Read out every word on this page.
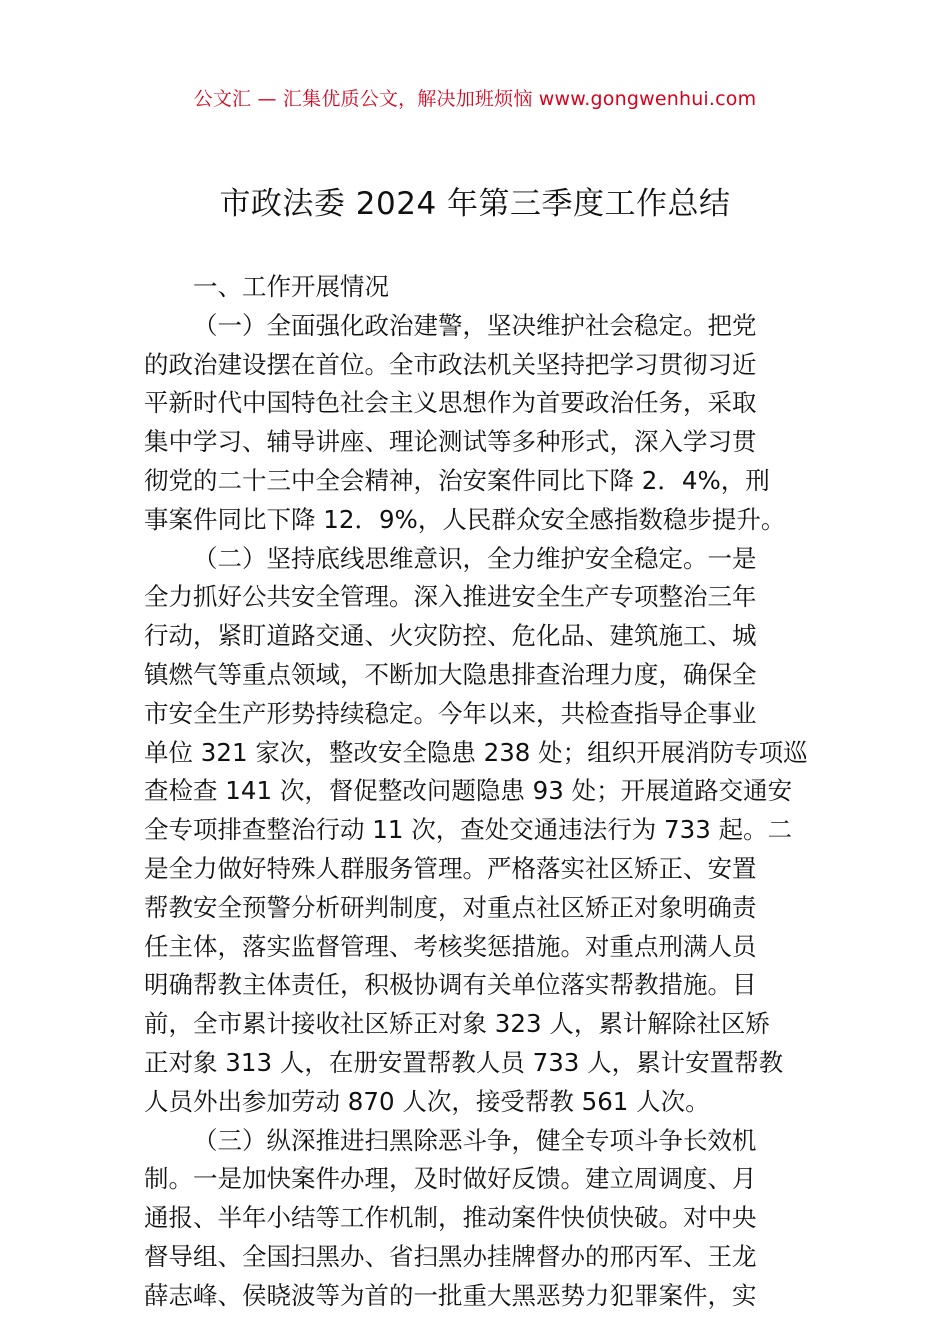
公文汇 — 汇集优质公文，解决加班烦恼 www.gongwenhui.com
市政法委 2024 年第三季度工作总结
一、工作开展情况
（一）全面强化政治建警，坚决维护社会稳定。把党
的政治建设摆在首位。全市政法机关坚持把学习贯彻习近
平新时代中国特色社会主义思想作为首要政治任务，采取
集中学习、辅导讲座、理论测试等多种形式，深入学习贯
彻党的二十三中全会精神，治安案件同比下降 2．4%，刑
事案件同比下降 12．9%，人民群众安全感指数稳步提升。
（二）坚持底线思维意识，全力维护安全稳定。一是
全力抓好公共安全管理。深入推进安全生产专项整治三年
行动，紧盯道路交通、火灾防控、危化品、建筑施工、城
镇燃气等重点领域，不断加大隐患排查治理力度，确保全
市安全生产形势持续稳定。今年以来，共检查指导企事业
单位 321 家次，整改安全隐患 238 处；组织开展消防专项巡
查检查 141 次，督促整改问题隐患 93 处；开展道路交通安
全专项排查整治行动 11 次，查处交通违法行为 733 起。二
是全力做好特殊人群服务管理。严格落实社区矫正、安置
帮教安全预警分析研判制度，对重点社区矫正对象明确责
任主体，落实监督管理、考核奖惩措施。对重点刑满人员
明确帮教主体责任，积极协调有关单位落实帮教措施。目
前，全市累计接收社区矫正对象 323 人，累计解除社区矫
正对象 313 人，在册安置帮教人员 733 人，累计安置帮教
人员外出参加劳动 870 人次，接受帮教 561 人次。
（三）纵深推进扫黑除恶斗争，健全专项斗争长效机
制。一是加快案件办理，及时做好反馈。建立周调度、月
通报、半年小结等工作机制，推动案件快侦快破。对中央
督导组、全国扫黑办、省扫黑办挂牌督办的邢丙军、王龙
薛志峰、侯晓波等为首的一批重大黑恶势力犯罪案件，实
